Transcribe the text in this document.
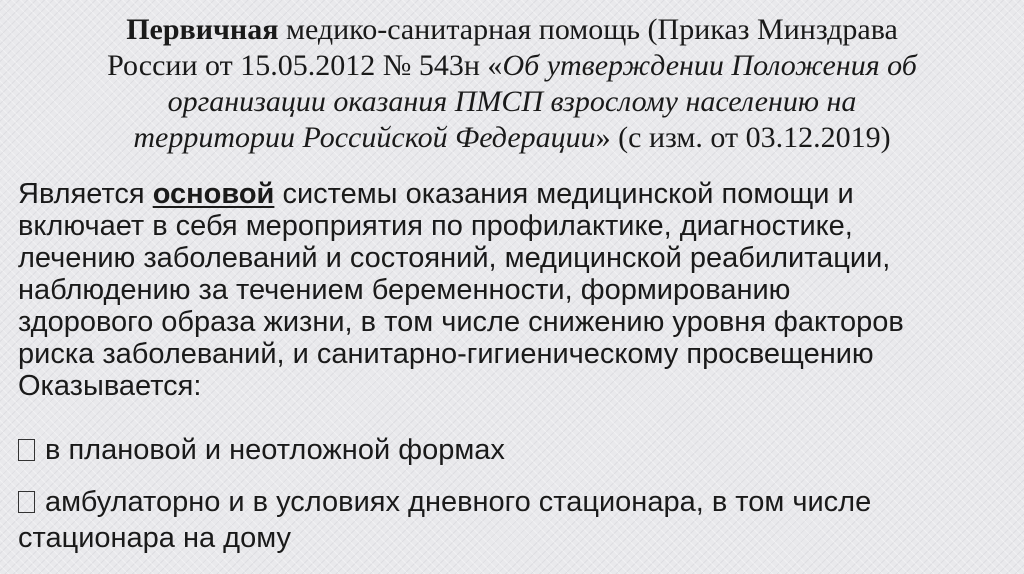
Первичная медико-санитарная помощь (Приказ Минздрава
России от 15.05.2012 № 543н «Об утверждении Положения об
организации оказания ПМСП взрослому населению на
территории Российской Федерации» (с изм. от 03.12.2019)
Является основой системы оказания медицинской помощи и
включает в себя мероприятия по профилактике, диагностике,
лечению заболеваний и состояний, медицинской реабилитации,
наблюдению за течением беременности, формированию
здорового образа жизни, в том числе снижению уровня факторов
риска заболеваний, и санитарно-гигиеническому просвещению
Оказывается:
в плановой и неотложной формах
амбулаторно и в условиях дневного стационара, в том числе
стационара на дому
